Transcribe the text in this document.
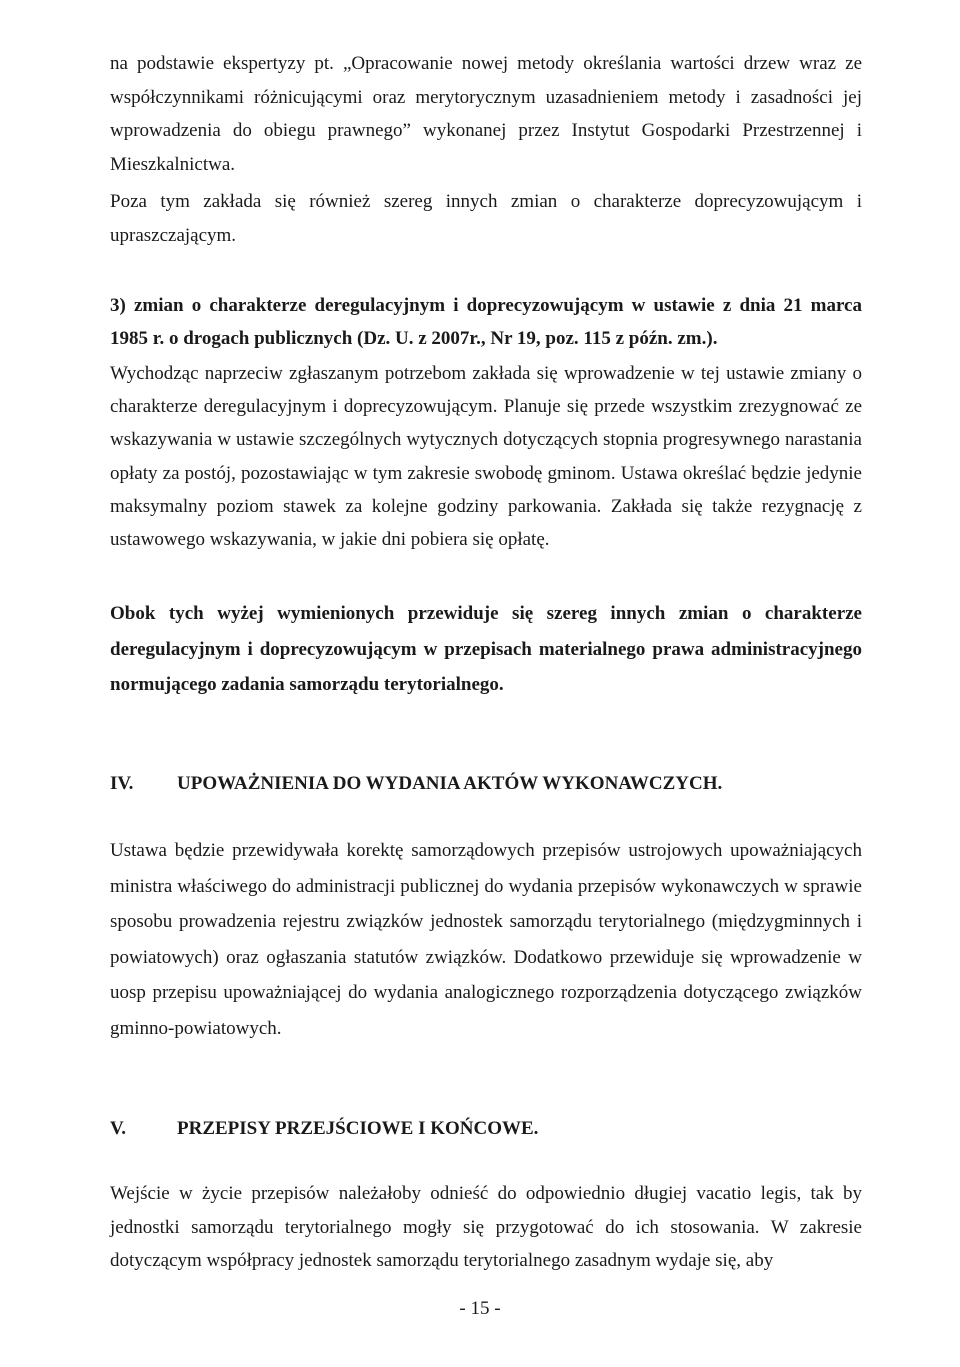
na podstawie ekspertyzy pt. „Opracowanie nowej metody określania wartości drzew wraz ze współczynnikami różnicującymi oraz merytorycznym uzasadnieniem metody i zasadności jej wprowadzenia do obiegu prawnego” wykonanej przez Instytut Gospodarki Przestrzennej i Mieszkalnictwa.

Poza tym zakłada się również szereg innych zmian o charakterze doprecyzowującym i upraszczającym.

3) zmian o charakterze deregulacyjnym i doprecyzowującym w ustawie z dnia 21 marca 1985 r. o drogach publicznych (Dz. U. z 2007r., Nr 19, poz. 115 z późn. zm.).

Wychodząc naprzeciw zgłaszanym potrzebom zakłada się wprowadzenie w tej ustawie zmiany o charakterze deregulacyjnym i doprecyzowującym. Planuje się przede wszystkim zrezygnować ze wskazywania w ustawie szczególnych wytycznych dotyczących stopnia progresywnego narastania opłaty za postój, pozostawiając w tym zakresie swobodę gminom. Ustawa określać będzie jedynie maksymalny poziom stawek za kolejne godziny parkowania. Zakłada się także rezygnację z ustawowego wskazywania, w jakie dni pobiera się opłatę.

Obok tych wyżej wymienionych przewiduje się szereg innych zmian o charakterze deregulacyjnym i doprecyzowującym w przepisach materialnego prawa administracyjnego normującego zadania samorządu terytorialnego.

IV. UPOWAŻNIENIA DO WYDANIA AKTÓW WYKONAWCZYCH.

Ustawa będzie przewidywała korektę samorządowych przepisów ustrojowych upoważniających ministra właściwego do administracji publicznej do wydania przepisów wykonawczych w sprawie sposobu prowadzenia rejestru związków jednostek samorządu terytorialnego (międzygminnych i powiatowych) oraz ogłaszania statutów związków. Dodatkowo przewiduje się wprowadzenie w uosp przepisu upoważniającej do wydania analogicznego rozporządzenia dotyczącego związków gminno-powiatowych.

V.	PRZEPISY PRZEJŚCIOWE I KOŃCOWE.

Wejście w życie przepisów należałoby odnieść do odpowiednio długiej vacatio legis, tak by jednostki samorządu terytorialnego mogły się przygotować do ich stosowania. W zakresie dotyczącym współpracy jednostek samorządu terytorialnego zasadnym wydaje się, aby

- 15 -
